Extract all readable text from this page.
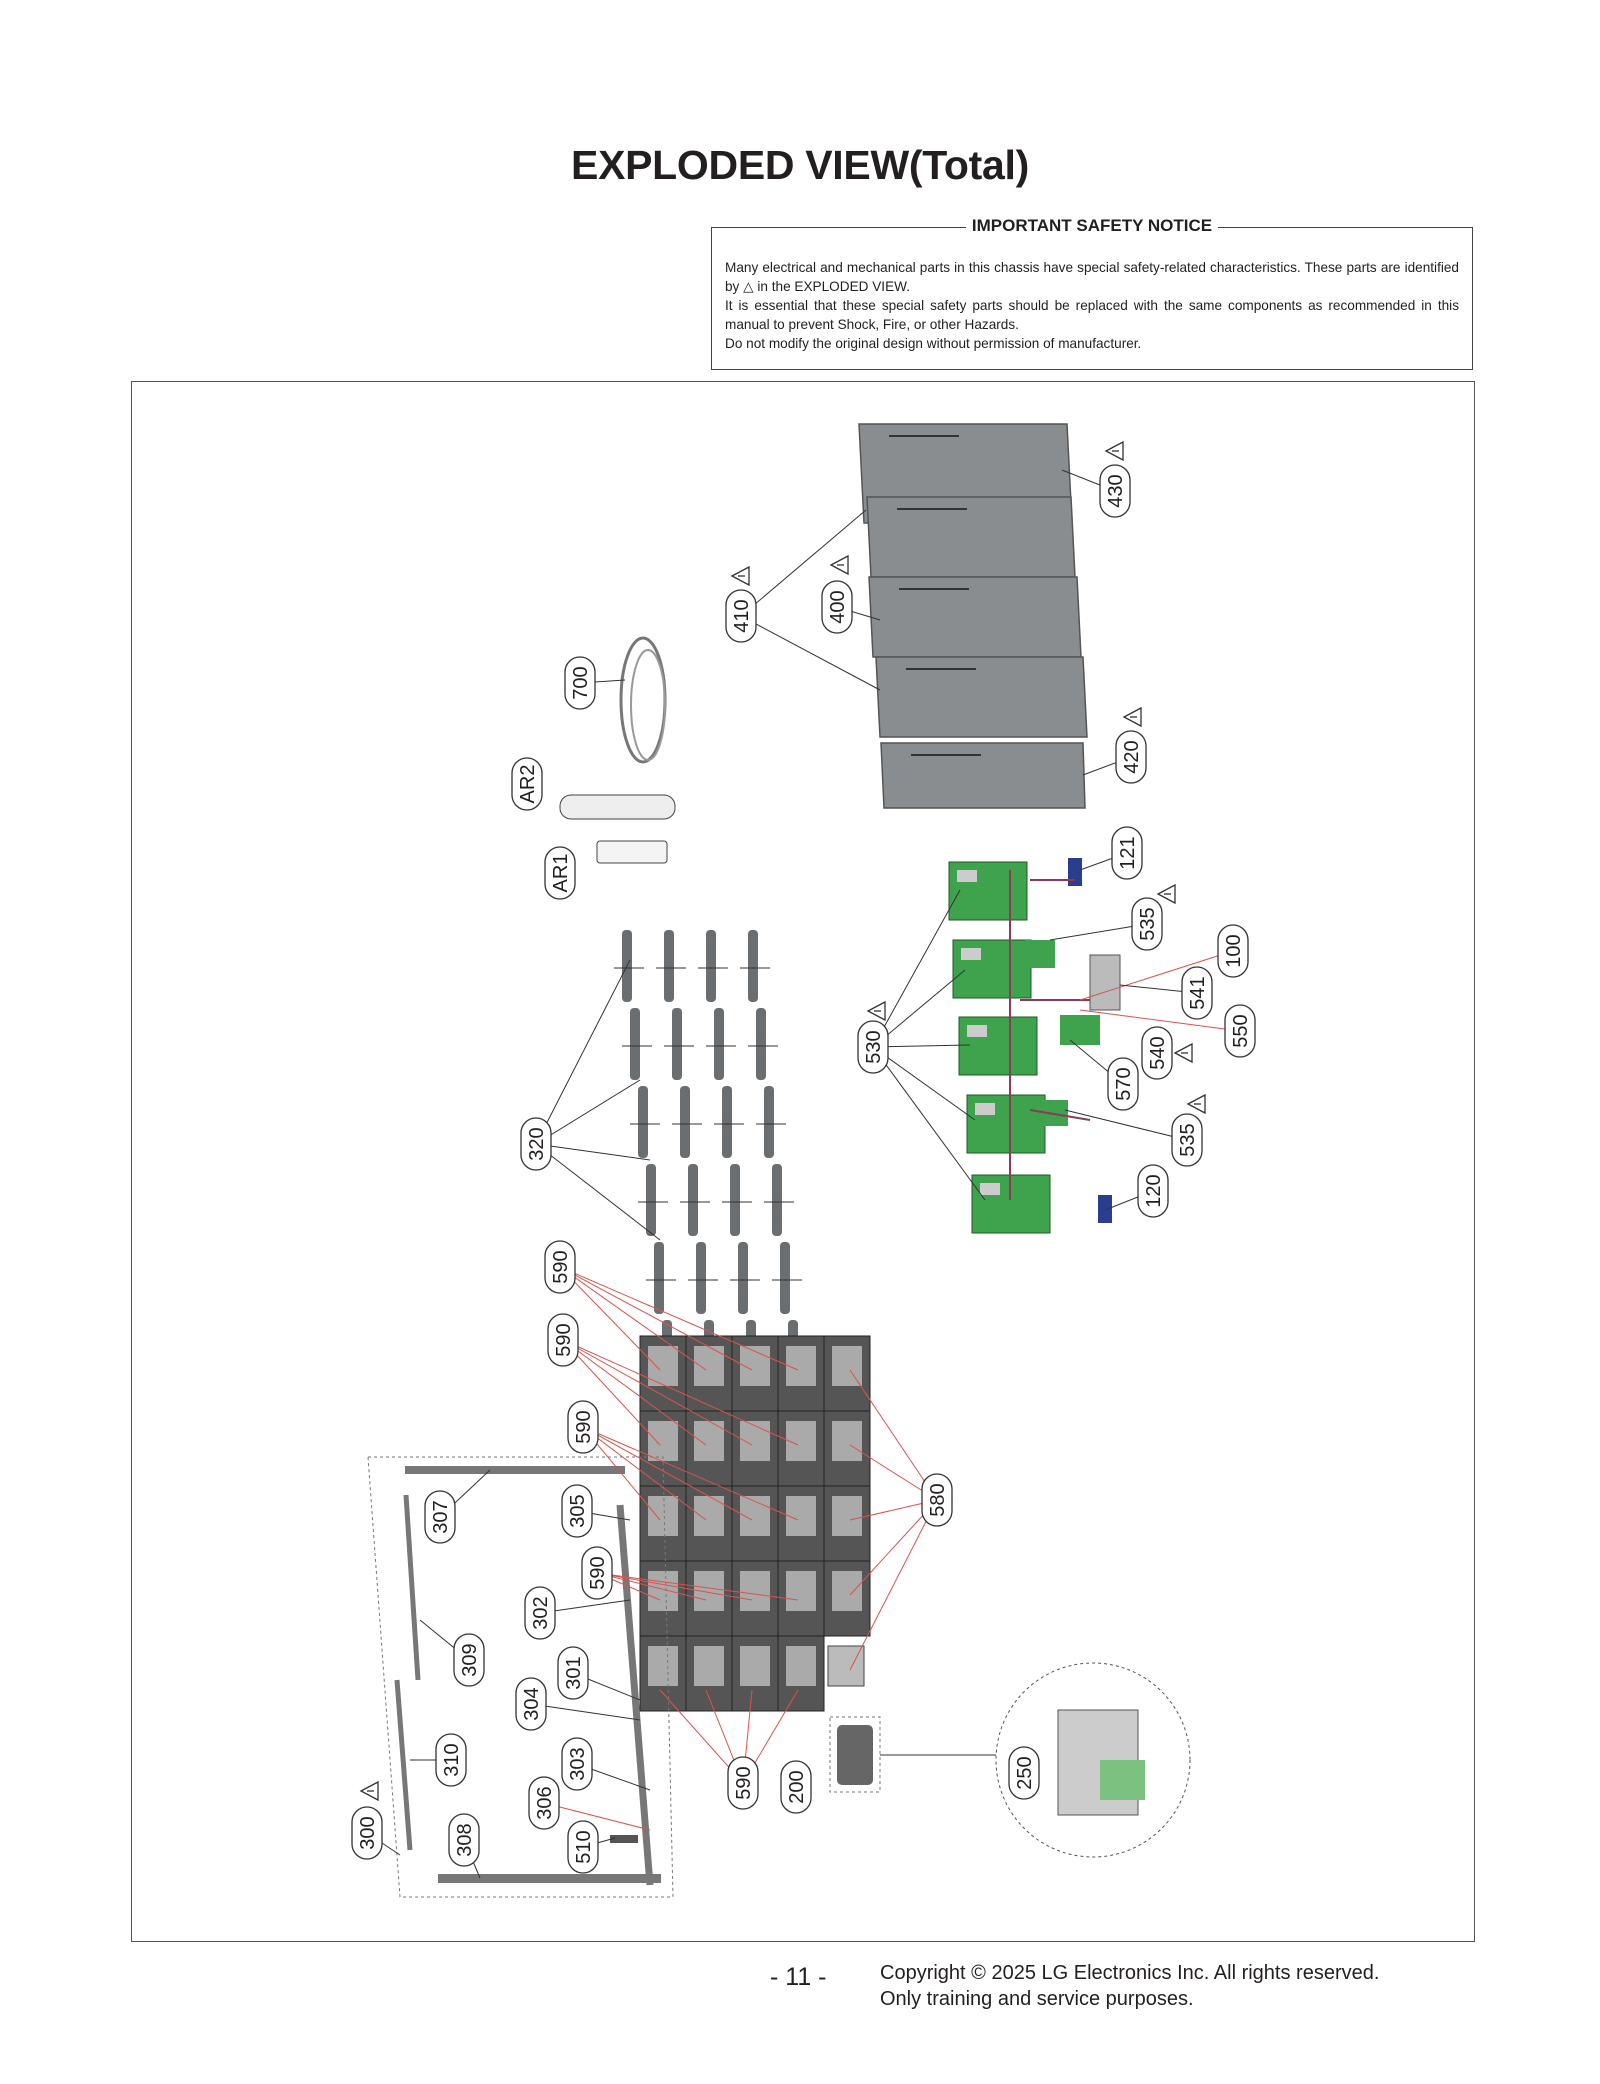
EXPLODED VIEW(Total)
IMPORTANT SAFETY NOTICE

Many electrical and mechanical parts in this chassis have special safety-related characteristics. These parts are identified by △ in the EXPLODED VIEW.

It is essential that these special safety parts should be replaced with the same components as recommended in this manual to prevent Shock, Fire, or other Hazards.

Do not modify the original design without permission of manufacturer.

430
410	400
420
700
AR2
AR1
121
535
100
541
550
540
570
530
535
120
320
590
590
590
590
590
580
307	305
302
301
309
304
310	303
306
300	308	510
200	250
- 11 -	Copyright © 2025 LG Electronics Inc. All rights reserved.
Only training and service purposes.
